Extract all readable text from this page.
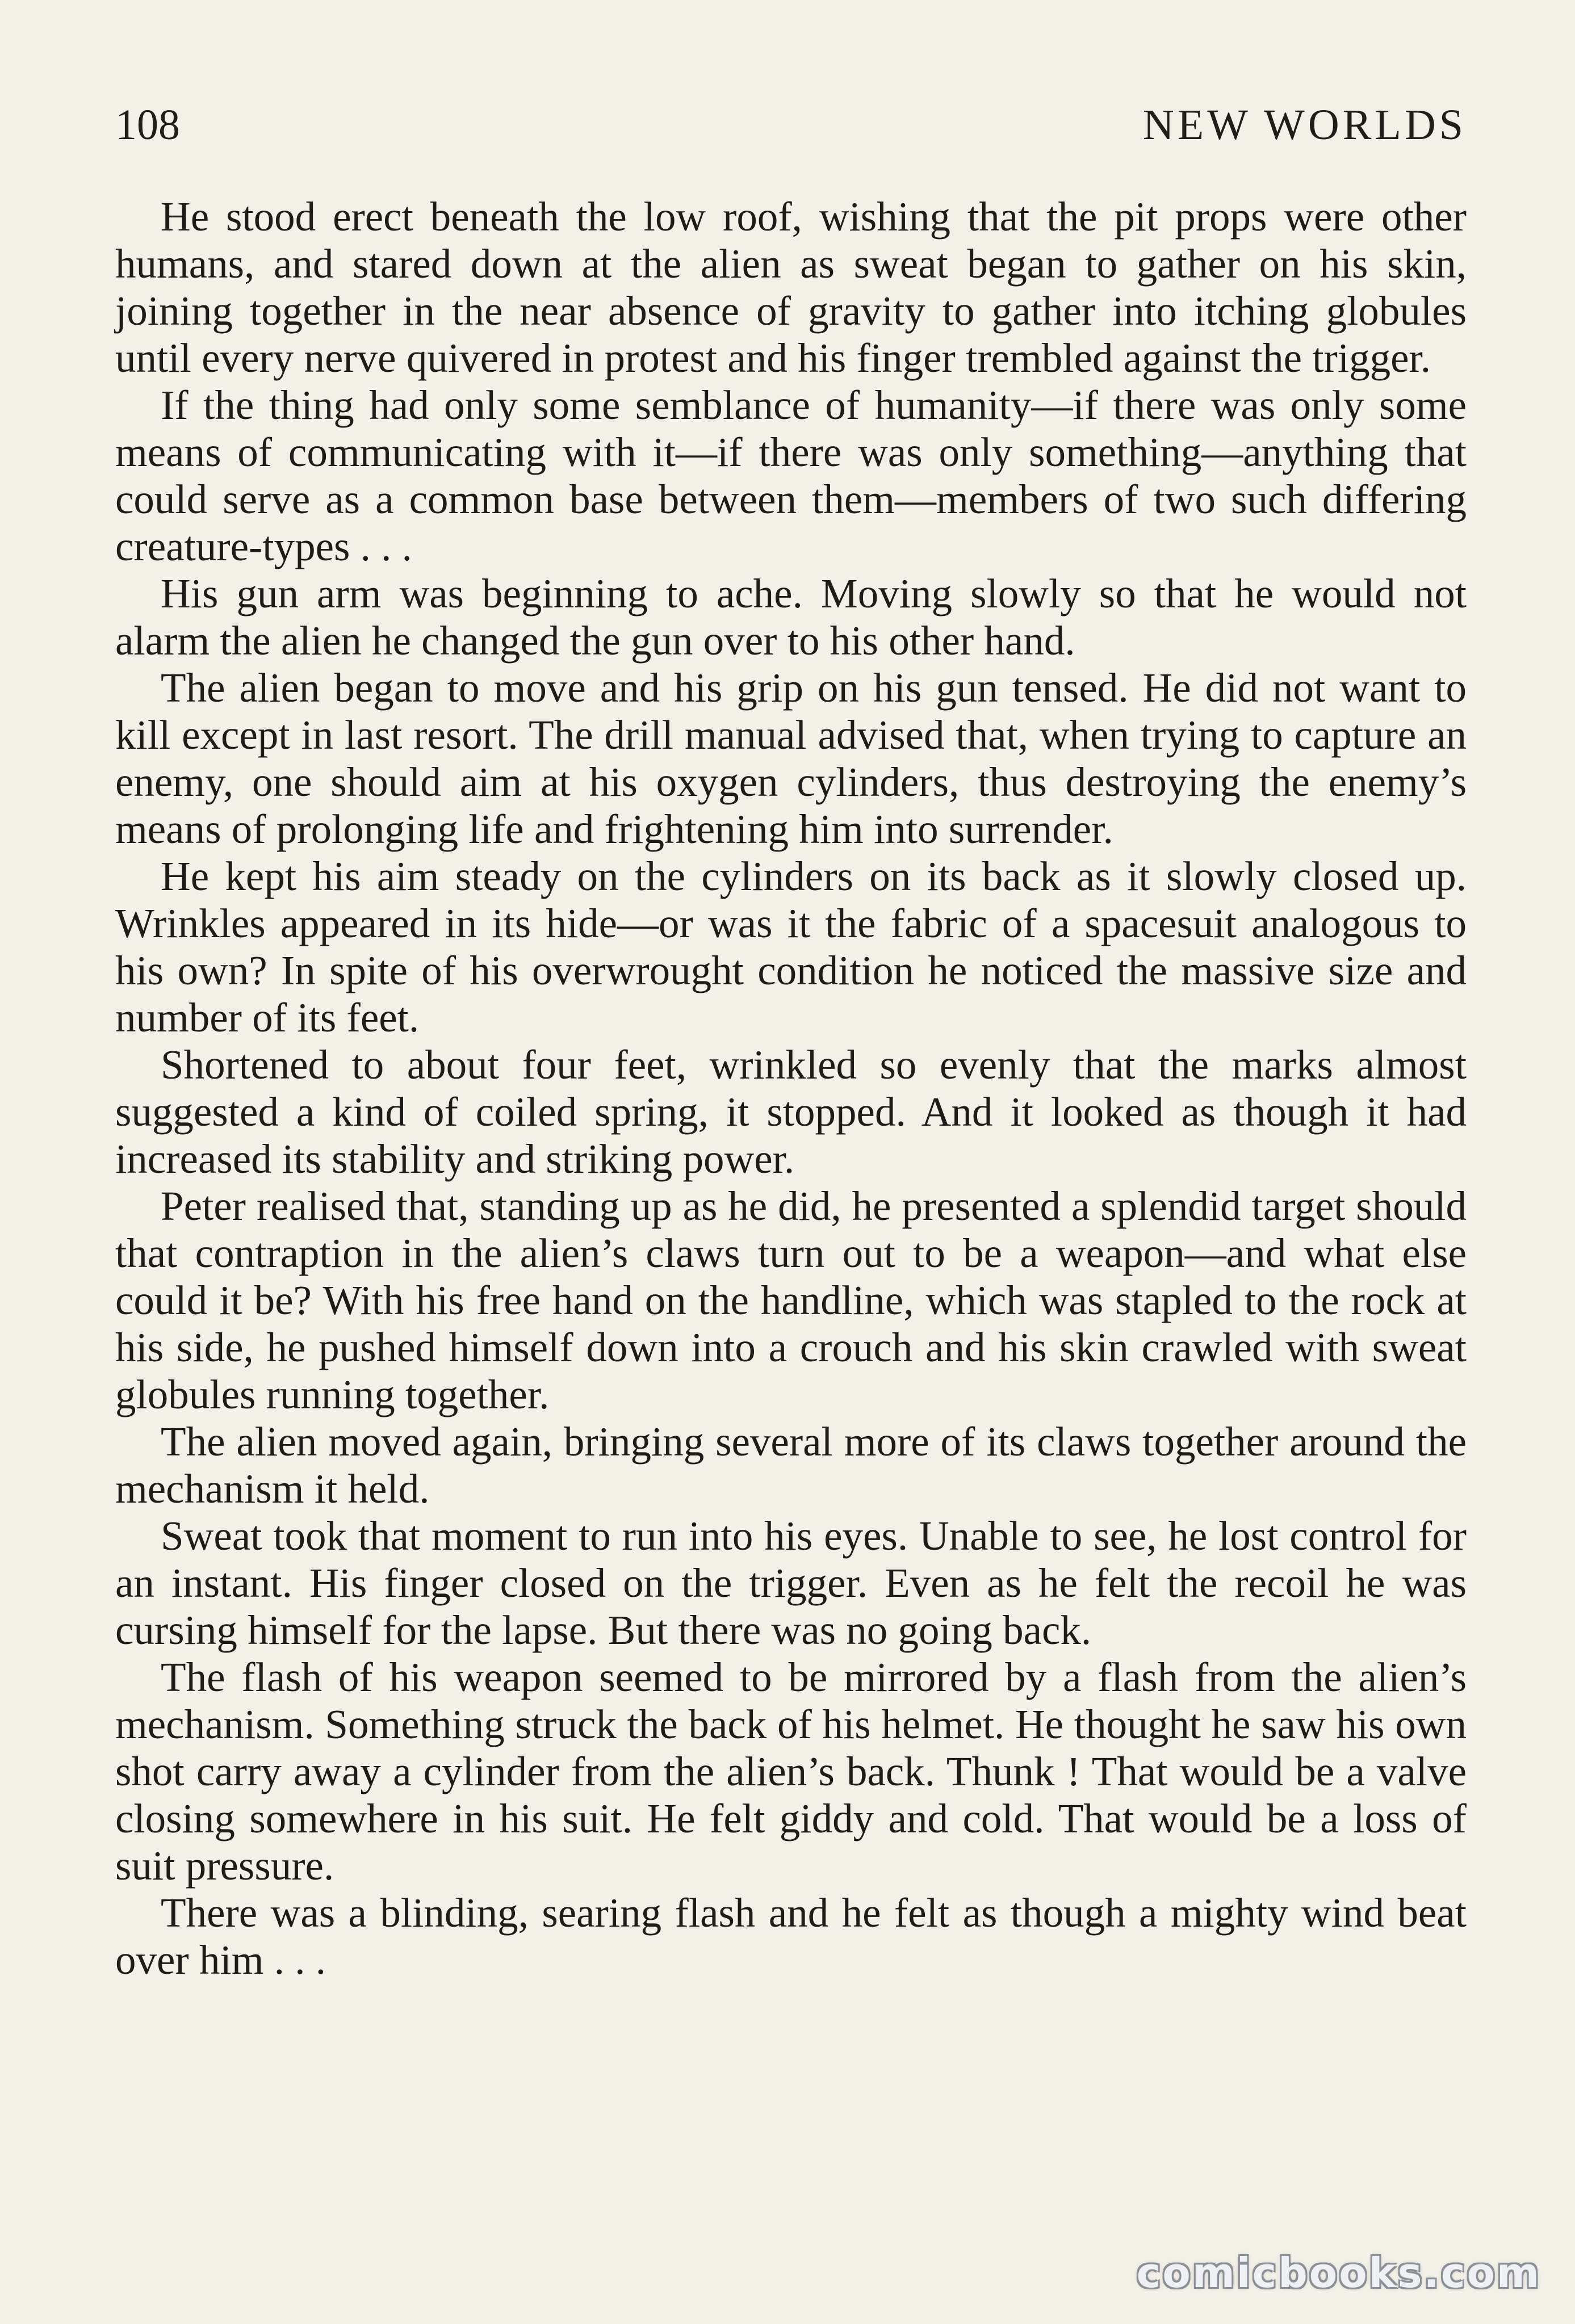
108	NEW WORLDS

He stood erect beneath the low roof, wishing that the pit props were other humans, and stared down at the alien as sweat began to gather on his skin, joining together in the near absence of gravity to gather into itching globules until every nerve quivered in protest and his finger trembled against the trigger.

If the thing had only some semblance of humanity—if there was only some means of communicating with it—if there was only something—anything that could serve as a common base between them—members of two such differing creature-types . . .

His gun arm was beginning to ache. Moving slowly so that he would not alarm the alien he changed the gun over to his other hand.

The alien began to move and his grip on his gun tensed. He did not want to kill except in last resort. The drill manual advised that, when trying to capture an enemy, one should aim at his oxygen cylinders, thus destroying the enemy’s means of prolonging life and frightening him into surrender.

He kept his aim steady on the cylinders on its back as it slowly closed up. Wrinkles appeared in its hide—or was it the fabric of a spacesuit analogous to his own? In spite of his overwrought condition he noticed the massive size and number of its feet.

Shortened to about four feet, wrinkled so evenly that the marks almost suggested a kind of coiled spring, it stopped. And it looked as though it had increased its stability and striking power.

Peter realised that, standing up as he did, he presented a splendid target should that contraption in the alien’s claws turn out to be a weapon—and what else could it be? With his free hand on the handline, which was stapled to the rock at his side, he pushed himself down into a crouch and his skin crawled with sweat globules running together.

The alien moved again, bringing several more of its claws together around the mechanism it held.

Sweat took that moment to run into his eyes. Unable to see, he lost control for an instant. His finger closed on the trigger. Even as he felt the recoil he was cursing himself for the lapse. But there was no going back.

The flash of his weapon seemed to be mirrored by a flash from the alien’s mechanism. Something struck the back of his helmet. He thought he saw his own shot carry away a cylinder from the alien’s back. Thunk ! That would be a valve closing somewhere in his suit. He felt giddy and cold. That would be a loss of suit pressure.

There was a blinding, searing flash and he felt as though a mighty wind beat over him . . .

comicbooks.com
